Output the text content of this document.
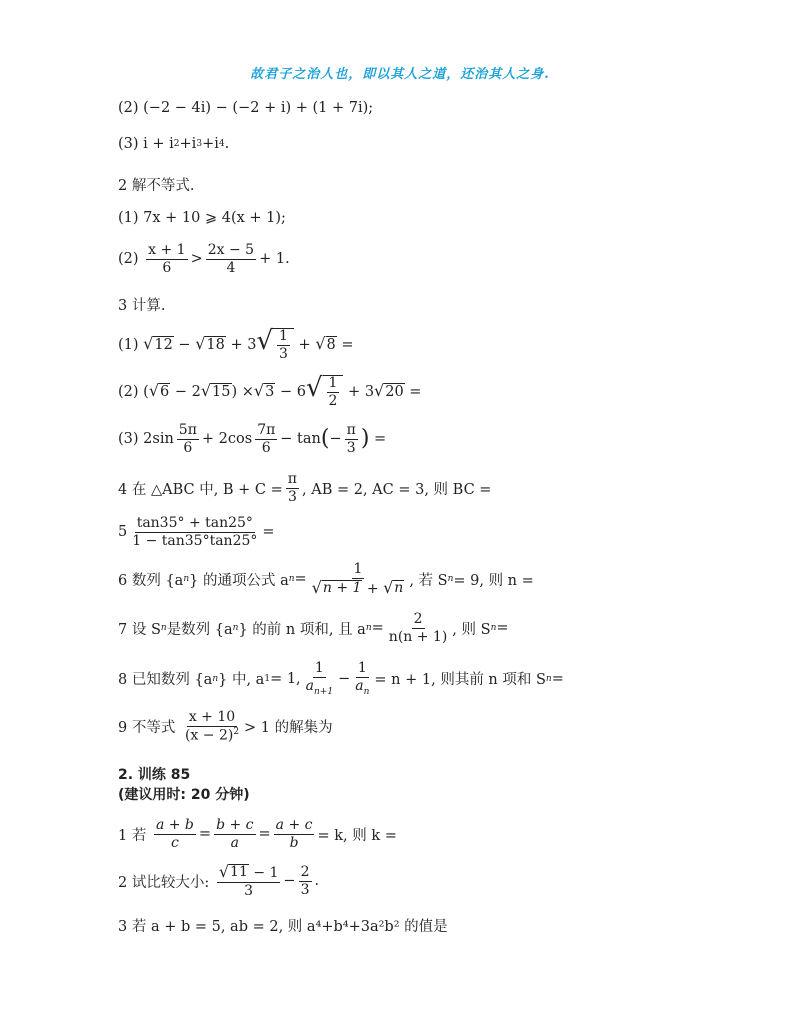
故君子之治人也，即以其人之道，还治其人之身.
(2) (−2 − 4i) − (−2 + i) + (1 + 7i);
(3) i + i 2 +i 3 +i 4 .
2 解不等式.
(1) 7x + 10 ⩾ 4(x + 1);
(2)
$\frac{x + 1}{6} > \frac{2x - 5}{4} + 1$.
3 计算.
(1) √ 12 − √ 18 + 3 √ $\frac{1}{3}$ + √ 8 =
(2) ( √ 6 − 2 √ 15 ) × √ 3 − 6 √ $\frac{1}{2} + 3$ √ 20 =
(3) $2\sin \frac{5\pi}{6} + 2\cos \frac{7\pi}{6} - \tan$ ( − $\frac{\pi}{3}$ ) =
4 在 △ABC 中, $B + C = \frac{\pi}{3}$ , AB = 2, AC = 3, 则 BC =
$5 \frac{\tan 35^\circ + \tan 25^\circ}{1 - \tan 35^\circ\tan 25^\circ}$ =
6 数列 {a n } 的通项公式 a $n = \frac{1}{√ n + 1 + √ n}$ , 若 S n = 9, 则 n =
7 设 S n 是数列 {a n } 的前 n 项和, 且 a $n = \frac{2}{n(n + 1)}$ , 则 S n =
8 已知数列 {a n } 中, a 1 = 1, $\frac{1}{a_{n+1}} - \frac{1}{a_n} = n + 1$, 则其前 n 项和 S n =
9 不等式
$\frac{x + 10}{(x - 2)^2} > 1$ 的解集为
2. 训练 85
(建议用时: 20 分钟)
1 若
$\frac{a + b}{c} = \frac{b + c}{a} = \frac{a + c}{b} = k$, 则 k =
2 试比较大小:
$\frac{√ 11 - 1}{3} - \frac{2}{3}$ .
3 若 a + b = 5, ab = 2, 则 a⁴+b⁴+3a²b² 的值是
